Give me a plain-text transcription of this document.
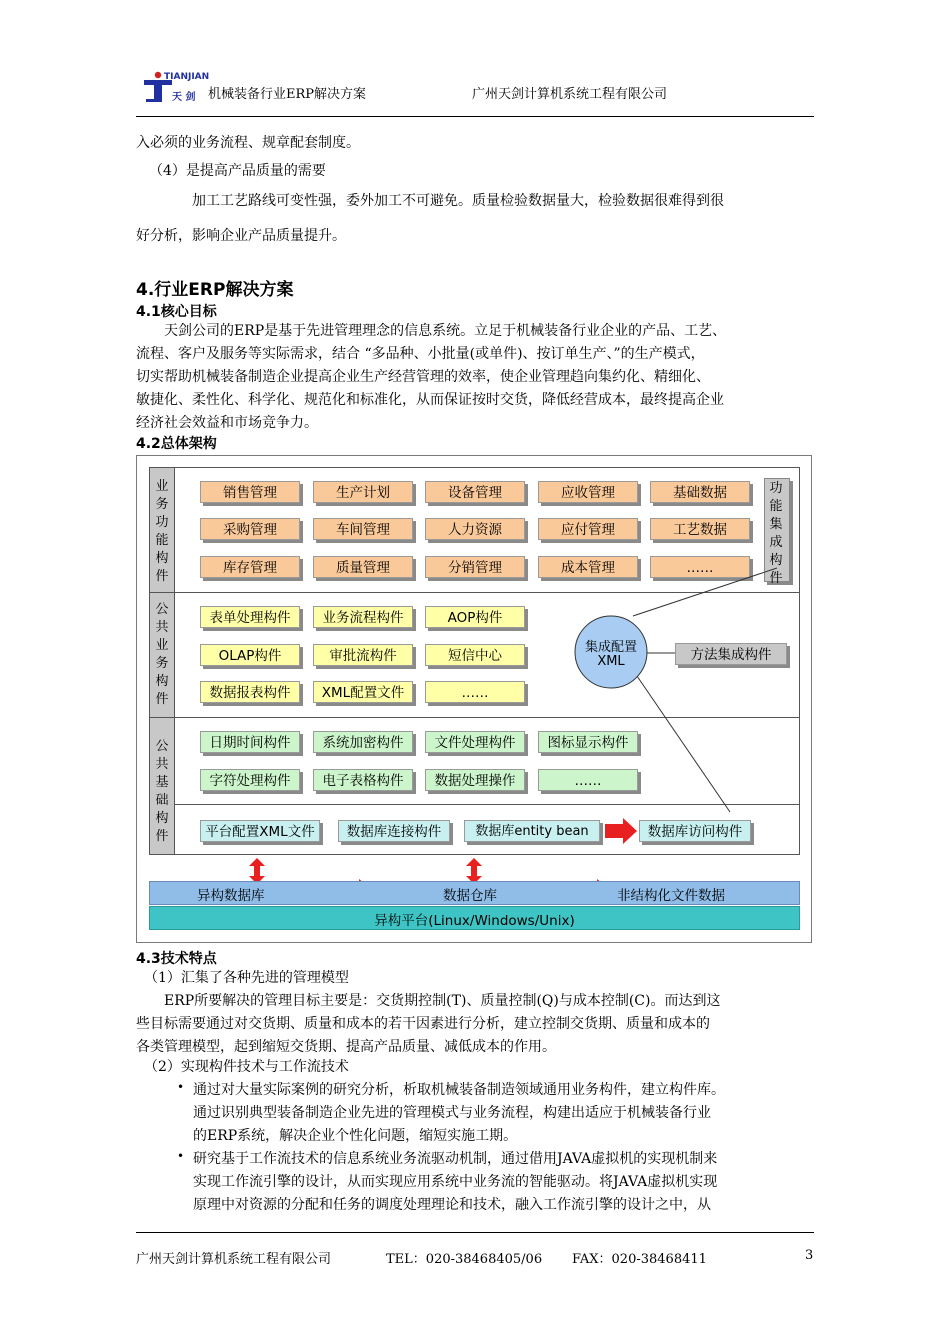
TIANJIAN
天 剑 机械装备行业ERP解决方案	广州天剑计算机系统工程有限公司
入必须的业务流程、规章配套制度。
（4）是提高产品质量的需要
加工工艺路线可变性强，委外加工不可避免。质量检验数据量大，检验数据很难得到很
好分析，影响企业产品质量提升。
4.行业ERP解决方案
4.1核心目标
天剑公司的ERP是基于先进管理理念的信息系统。立足于机械装备行业企业的产品、工艺、
流程、客户及服务等实际需求，结合 “多品种、小批量(或单件)、按订单生产、”的生产模式，
切实帮助机械装备制造企业提高企业生产经营管理的效率，使企业管理趋向集约化、精细化、
敏捷化、柔性化、科学化、规范化和标准化，从而保证按时交货，降低经营成本，最终提高企业
经济社会效益和市场竞争力。
4.2总体架构
业务功能构件
公共业务构件
公共基础构件
功能集成构件
销售管理	生产计划	设备管理	应收管理	基础数据
采购管理	车间管理	人力资源	应付管理	工艺数据
库存管理	质量管理	分销管理	成本管理	……
表单处理构件	业务流程构件	AOP构件
OLAP构件	审批流构件	短信中心
数据报表构件	XML配置文件	……
集成配置
XML	方法集成构件
日期时间构件	系统加密构件	文件处理构件	图标显示构件
字符处理构件	电子表格构件	数据处理操作	……
平台配置XML文件	数据库连接构件	数据库entity bean	数据库访问构件
异构数据库	数据仓库	非结构化文件数据
异构平台(Linux/Windows/Unix)
4.3技术特点
（1）汇集了各种先进的管理模型
ERP所要解决的管理目标主要是：交货期控制(T)、质量控制(Q)与成本控制(C)。而达到这
些目标需要通过对交货期、质量和成本的若干因素进行分析，建立控制交货期、质量和成本的
各类管理模型，起到缩短交货期、提高产品质量、减低成本的作用。
（2）实现构件技术与工作流技术
• 通过对大量实际案例的研究分析，析取机械装备制造领域通用业务构件，建立构件库。
通过识别典型装备制造企业先进的管理模式与业务流程，构建出适应于机械装备行业
的ERP系统，解决企业个性化问题，缩短实施工期。
• 研究基于工作流技术的信息系统业务流驱动机制，通过借用JAVA虚拟机的实现机制来
实现工作流引擎的设计，从而实现应用系统中业务流的智能驱动。将JAVA虚拟机实现
原理中对资源的分配和任务的调度处理理论和技术，融入工作流引擎的设计之中，从
广州天剑计算机系统工程有限公司	TEL：020-38468405/06 FAX：020-38468411	3
